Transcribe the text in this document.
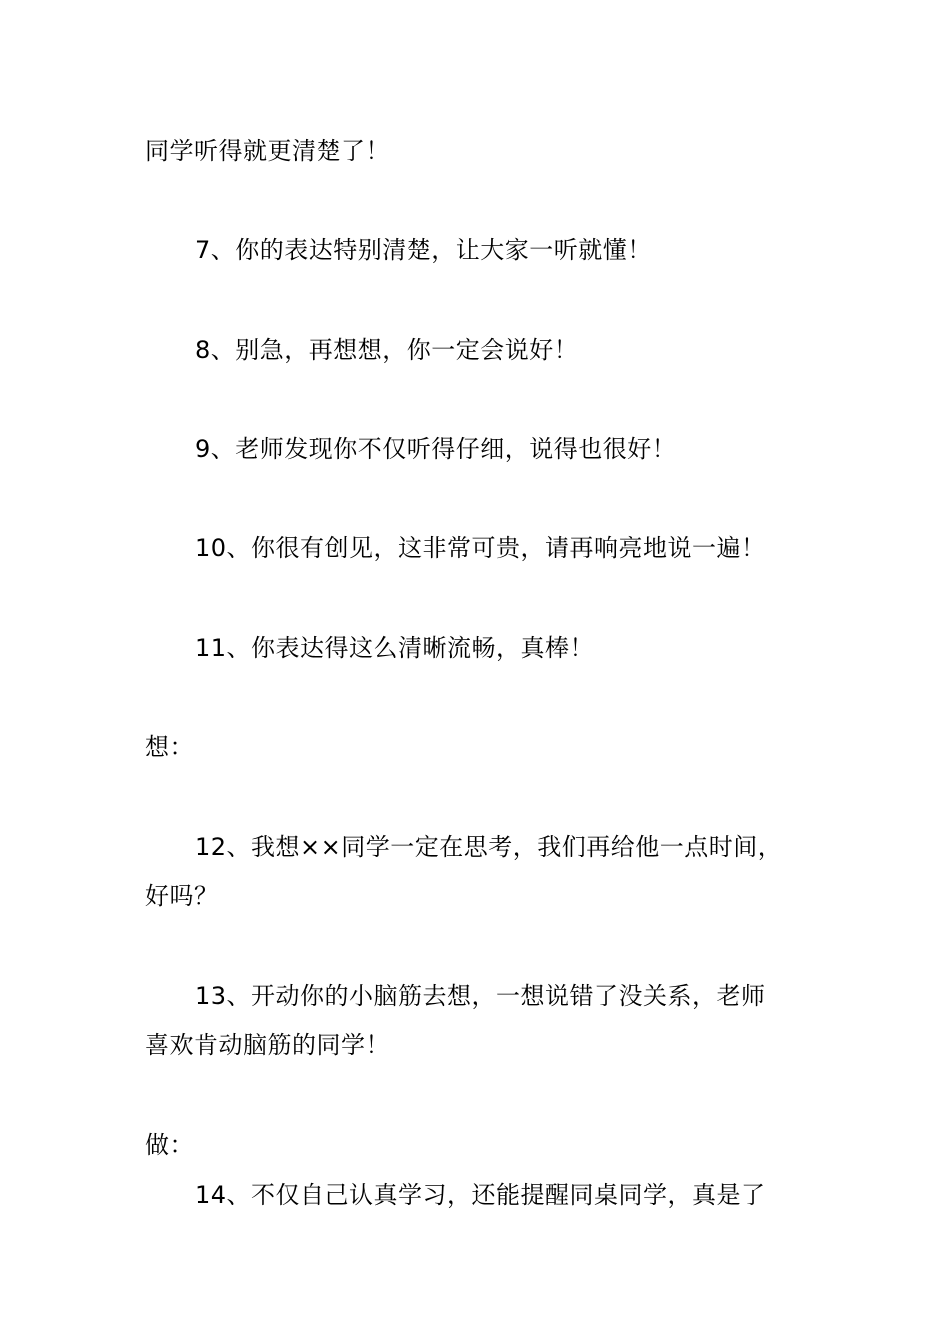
同学听得就更清楚了！
7、你的表达特别清楚，让大家一听就懂！
8、别急，再想想，你一定会说好！
9、老师发现你不仅听得仔细，说得也很好！
10、你很有创见，这非常可贵，请再响亮地说一遍！
11、你表达得这么清晰流畅，真棒！
想：
12、我想××同学一定在思考，我们再给他一点时间，
好吗？
13、开动你的小脑筋去想，一想说错了没关系，老师
喜欢肯动脑筋的同学！
做：
14、不仅自己认真学习，还能提醒同桌同学，真是了
